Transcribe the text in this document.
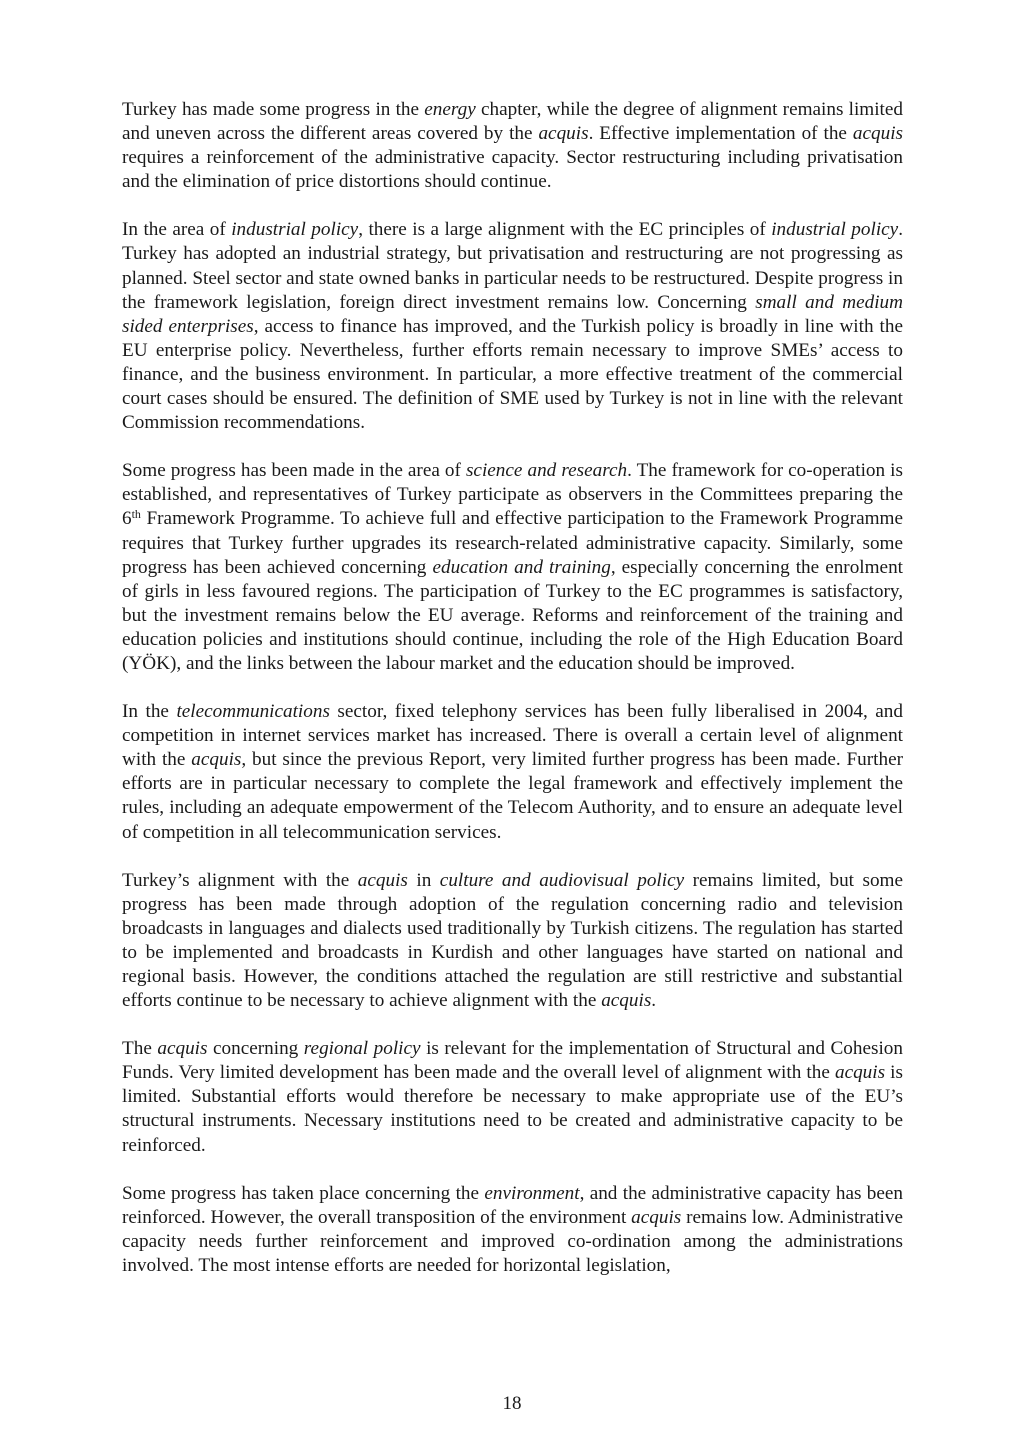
Turkey has made some progress in the energy chapter, while the degree of alignment remains limited and uneven across the different areas covered by the acquis. Effective implementation of the acquis requires a reinforcement of the administrative capacity. Sector restructuring including privatisation and the elimination of price distortions should continue.

In the area of industrial policy, there is a large alignment with the EC principles of industrial policy. Turkey has adopted an industrial strategy, but privatisation and restructuring are not progressing as planned. Steel sector and state owned banks in particular needs to be restructured. Despite progress in the framework legislation, foreign direct investment remains low. Concerning small and medium sided enterprises, access to finance has improved, and the Turkish policy is broadly in line with the EU enterprise policy. Nevertheless, further efforts remain necessary to improve SMEs’ access to finance, and the business environment. In particular, a more effective treatment of the commercial court cases should be ensured. The definition of SME used by Turkey is not in line with the relevant Commission recommendations.

Some progress has been made in the area of science and research. The framework for co-operation is established, and representatives of Turkey participate as observers in the Committees preparing the 6th Framework Programme. To achieve full and effective participation to the Framework Programme requires that Turkey further upgrades its research-related administrative capacity. Similarly, some progress has been achieved concerning education and training, especially concerning the enrolment of girls in less favoured regions. The participation of Turkey to the EC programmes is satisfactory, but the investment remains below the EU average. Reforms and reinforcement of the training and education policies and institutions should continue, including the role of the High Education Board (YÖK), and the links between the labour market and the education should be improved.

In the telecommunications sector, fixed telephony services has been fully liberalised in 2004, and competition in internet services market has increased. There is overall a certain level of alignment with the acquis, but since the previous Report, very limited further progress has been made. Further efforts are in particular necessary to complete the legal framework and effectively implement the rules, including an adequate empowerment of the Telecom Authority, and to ensure an adequate level of competition in all telecommunication services.

Turkey’s alignment with the acquis in culture and audiovisual policy remains limited, but some progress has been made through adoption of the regulation concerning radio and television broadcasts in languages and dialects used traditionally by Turkish citizens. The regulation has started to be implemented and broadcasts in Kurdish and other languages have started on national and regional basis. However, the conditions attached the regulation are still restrictive and substantial efforts continue to be necessary to achieve alignment with the acquis.

The acquis concerning regional policy is relevant for the implementation of Structural and Cohesion Funds. Very limited development has been made and the overall level of alignment with the acquis is limited. Substantial efforts would therefore be necessary to make appropriate use of the EU’s structural instruments. Necessary institutions need to be created and administrative capacity to be reinforced.

Some progress has taken place concerning the environment, and the administrative capacity has been reinforced. However, the overall transposition of the environment acquis remains low. Administrative capacity needs further reinforcement and improved co-ordination among the administrations involved. The most intense efforts are needed for horizontal legislation,

18
